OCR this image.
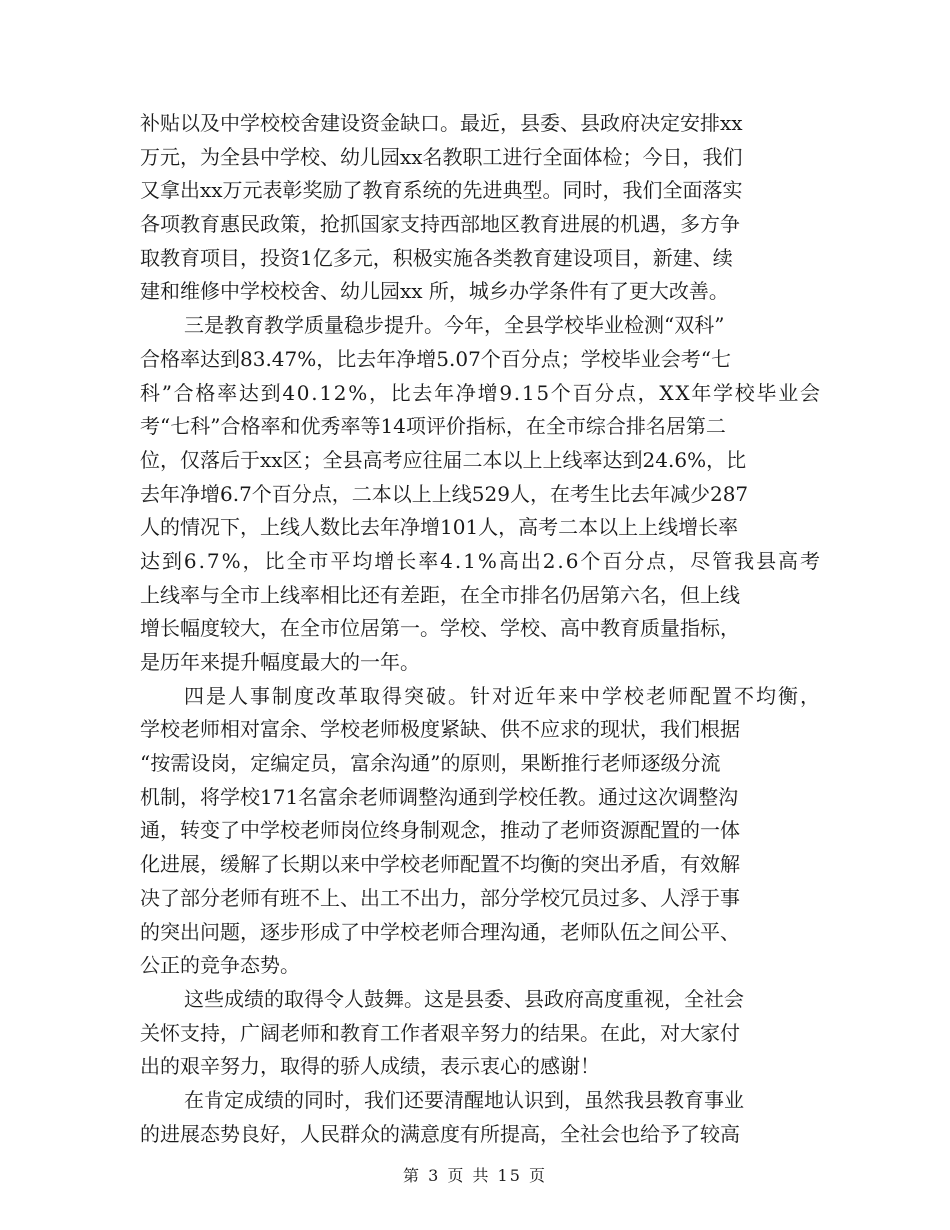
补贴以及中学校校舍建设资金缺口。最近，县委、县政府决定安排xx
万元，为全县中学校、幼儿园xx名教职工进行全面体检；今日，我们
又拿出xx万元表彰奖励了教育系统的先进典型。同时，我们全面落实
各项教育惠民政策，抢抓国家支持西部地区教育进展的机遇，多方争
取教育项目，投资1亿多元，积极实施各类教育建设项目，新建、续
建和维修中学校校舍、幼儿园xx 所，城乡办学条件有了更大改善。
三是教育教学质量稳步提升。今年，全县学校毕业检测“双科”
合格率达到83.47%，比去年净增5.07个百分点；学校毕业会考“七
科”合格率达到40.12%，比去年净增9.15个百分点，XX年学校毕业会
考“七科”合格率和优秀率等14项评价指标，在全市综合排名居第二
位，仅落后于xx区；全县高考应往届二本以上上线率达到24.6%，比
去年净增6.7个百分点，二本以上上线529人，在考生比去年减少287
人的情况下，上线人数比去年净增101人，高考二本以上上线增长率
达到6.7%，比全市平均增长率4.1%高出2.6个百分点，尽管我县高考
上线率与全市上线率相比还有差距，在全市排名仍居第六名，但上线
增长幅度较大，在全市位居第一。学校、学校、高中教育质量指标，
是历年来提升幅度最大的一年。
四是人事制度改革取得突破。针对近年来中学校老师配置不均衡，
学校老师相对富余、学校老师极度紧缺、供不应求的现状，我们根据
“按需设岗，定编定员，富余沟通”的原则，果断推行老师逐级分流
机制，将学校171名富余老师调整沟通到学校任教。通过这次调整沟
通，转变了中学校老师岗位终身制观念，推动了老师资源配置的一体
化进展，缓解了长期以来中学校老师配置不均衡的突出矛盾，有效解
决了部分老师有班不上、出工不出力，部分学校冗员过多、人浮于事
的突出问题，逐步形成了中学校老师合理沟通，老师队伍之间公平、
公正的竞争态势。
这些成绩的取得令人鼓舞。这是县委、县政府高度重视，全社会
关怀支持，广阔老师和教育工作者艰辛努力的结果。在此，对大家付
出的艰辛努力，取得的骄人成绩，表示衷心的感谢！
在肯定成绩的同时，我们还要清醒地认识到，虽然我县教育事业
的进展态势良好，人民群众的满意度有所提高，全社会也给予了较高
第 3 页 共 15 页
